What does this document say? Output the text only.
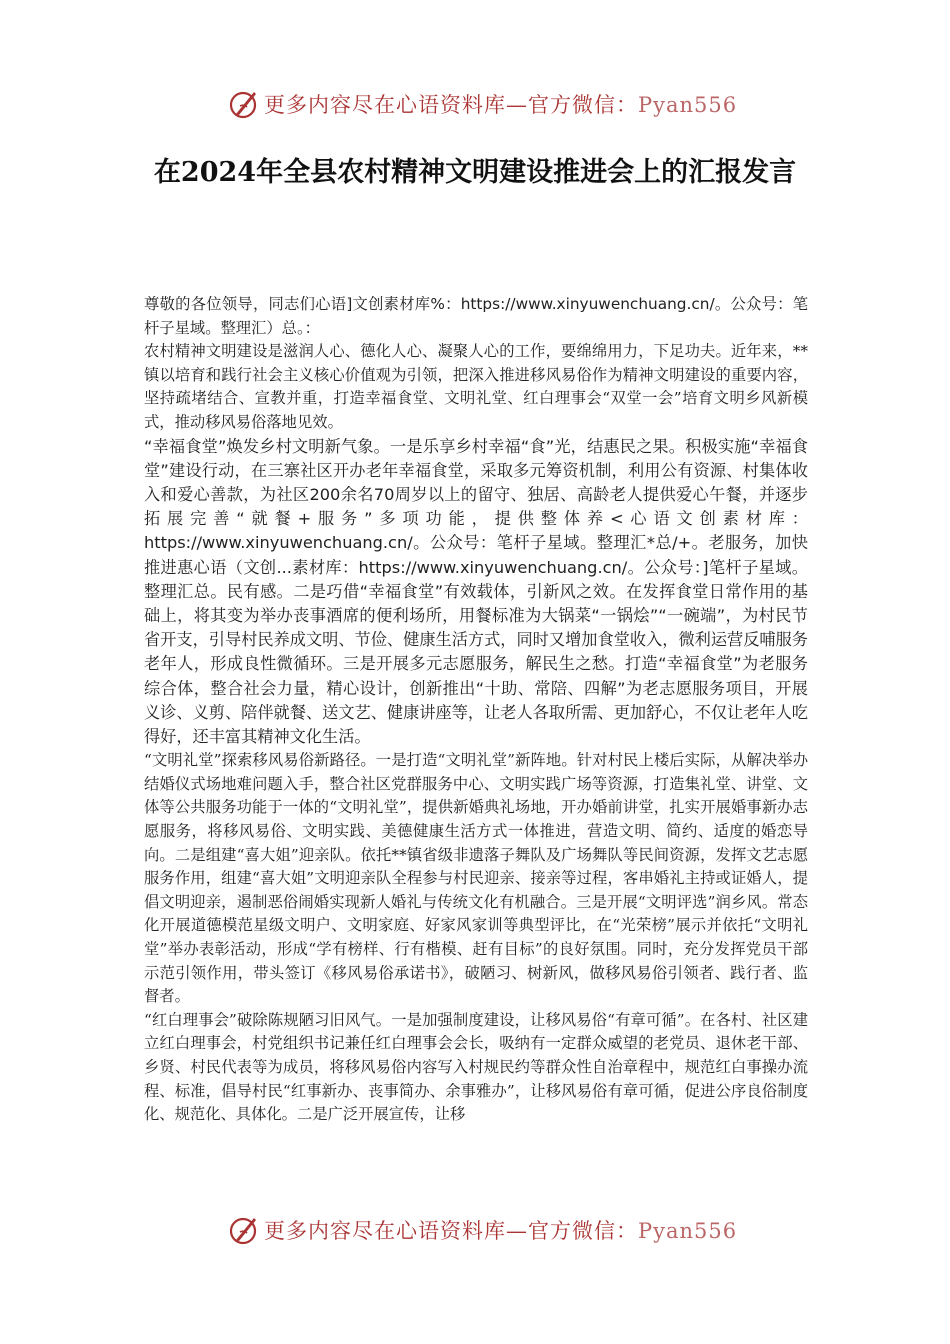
更多内容尽在心语资料库—官方微信：Pyan556
在2024年全县农村精神文明建设推进会上的汇报发言

尊敬的各位领导，同志们心语]文创素材库%：https://www.xinyuwenchuang.cn/。公众号：笔杆子星域。整理汇）总。：

农村精神文明建设是滋润人心、德化人心、凝聚人心的工作，要绵绵用力，下足功夫。近年来，**镇以培育和践行社会主义核心价值观为引领，把深入推进移风易俗作为精神文明建设的重要内容，坚持疏堵结合、宣教并重，打造幸福食堂、文明礼堂、红白理事会“双堂一会”培育文明乡风新模式，推动移风易俗落地见效。

“幸福食堂”焕发乡村文明新气象。一是乐享乡村幸福“食”光，结惠民之果。积极实施“幸福食堂”建设行动，在三寨社区开办老年幸福食堂，采取多元筹资机制，利用公有资源、村集体收入和爱心善款，为社区200余名70周岁以上的留守、独居、高龄老人提供爱心午餐，并逐步拓展完善“就餐+服务”多项功能，提供整体养<心语文创素材库：https://www.xinyuwenchuang.cn/。公众号：笔杆子星域。整理汇*总/+。老服务，加快推进惠心语（文创...素材库：https://www.xinyuwenchuang.cn/。公众号：]笔杆子星域。整理汇总。民有感。二是巧借“幸福食堂”有效载体，引新风之效。在发挥食堂日常作用的基础上，将其变为举办丧事酒席的便利场所，用餐标准为大锅菜“一锅烩”“一碗端”，为村民节省开支，引导村民养成文明、节俭、健康生活方式，同时又增加食堂收入，微利运营反哺服务老年人，形成良性微循环。三是开展多元志愿服务，解民生之愁。打造“幸福食堂”为老服务综合体，整合社会力量，精心设计，创新推出“十助、常陪、四解”为老志愿服务项目，开展义诊、义剪、陪伴就餐、送文艺、健康讲座等，让老人各取所需、更加舒心，不仅让老年人吃得好，还丰富其精神文化生活。

“文明礼堂”探索移风易俗新路径。一是打造“文明礼堂”新阵地。针对村民上楼后实际，从解决举办结婚仪式场地难问题入手，整合社区党群服务中心、文明实践广场等资源，打造集礼堂、讲堂、文体等公共服务功能于一体的“文明礼堂”，提供新婚典礼场地，开办婚前讲堂，扎实开展婚事新办志愿服务，将移风易俗、文明实践、美德健康生活方式一体推进，营造文明、简约、适度的婚恋导向。二是组建“喜大姐”迎亲队。依托**镇省级非遗落子舞队及广场舞队等民间资源，发挥文艺志愿服务作用，组建“喜大姐”文明迎亲队全程参与村民迎亲、接亲等过程，客串婚礼主持或证婚人，提倡文明迎亲，遏制恶俗闹婚实现新人婚礼与传统文化有机融合。三是开展“文明评选”润乡风。常态化开展道德模范星级文明户、文明家庭、好家风家训等典型评比，在“光荣榜”展示并依托“文明礼堂”举办表彰活动，形成“学有榜样、行有楷模、赶有目标”的良好氛围。同时，充分发挥党员干部示范引领作用，带头签订《移风易俗承诺书》，破陋习、树新风，做移风易俗引领者、践行者、监督者。

“红白理事会”破除陈规陋习旧风气。一是加强制度建设，让移风易俗“有章可循”。在各村、社区建立红白理事会，村党组织书记兼任红白理事会会长，吸纳有一定群众威望的老党员、退休老干部、乡贤、村民代表等为成员，将移风易俗内容写入村规民约等群众性自治章程中，规范红白事操办流程、标准，倡导村民“红事新办、丧事简办、余事雅办”，让移风易俗有章可循，促进公序良俗制度化、规范化、具体化。二是广泛开展宣传，让移

更多内容尽在心语资料库—官方微信：Pyan556
